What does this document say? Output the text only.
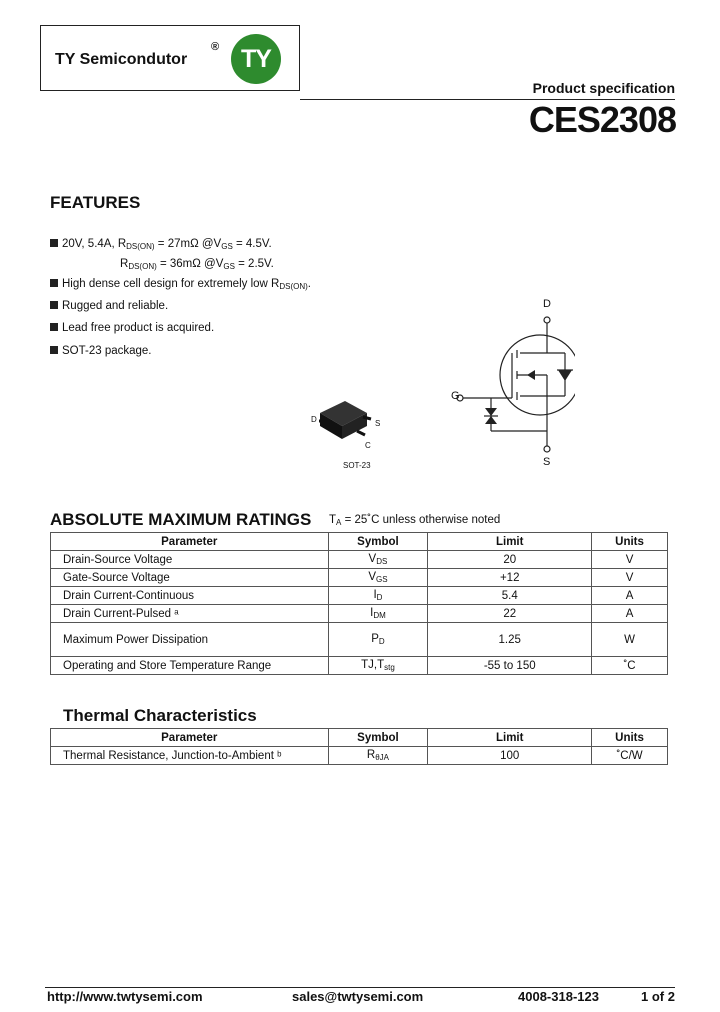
TY Semicondutor
® TY
Product specification
CES2308
FEATURES
20V, 5.4A, $R_{DS(ON)} = 27m\Omega$ $@V_{GS} = 4.5V$.
$R_{DS(ON)} = 36m\Omega$ $@V_{GS} = 2.5V$.
High dense cell design for extremely low $R_{DS(ON)}$.
Rugged and reliable.
Lead free product is acquired.
SOT-23 package.
D	S
C
SOT-23
D
G
S
ABSOLUTE MAXIMUM RATINGS $T_A$ = 25˚C unless otherwise noted
Parameter	Symbol	Limit	Units
Drain-Source Voltage	$V_{DS}$	20	V
Gate-Source Voltage	$V_{GS}$	+12	V
Drain Current-Continuous	$I_D$	5.4	A
Drain Current-Pulsed ᵃ	$I_{DM}$	22	A
Maximum Power Dissipation	$P_D$	1.25	W
Operating and Store Temperature Range	$TJ,T_{stg}$	-55 to 150	˚C
Thermal Characteristics
Parameter	Symbol	Limit	Units
Thermal Resistance, Junction-to-Ambient ᵇ	$R_{\theta JA}$	100	˚C/W
http://www.twtysemi.com	sales@twtysemi.com	4008-318-123	1 of 2
